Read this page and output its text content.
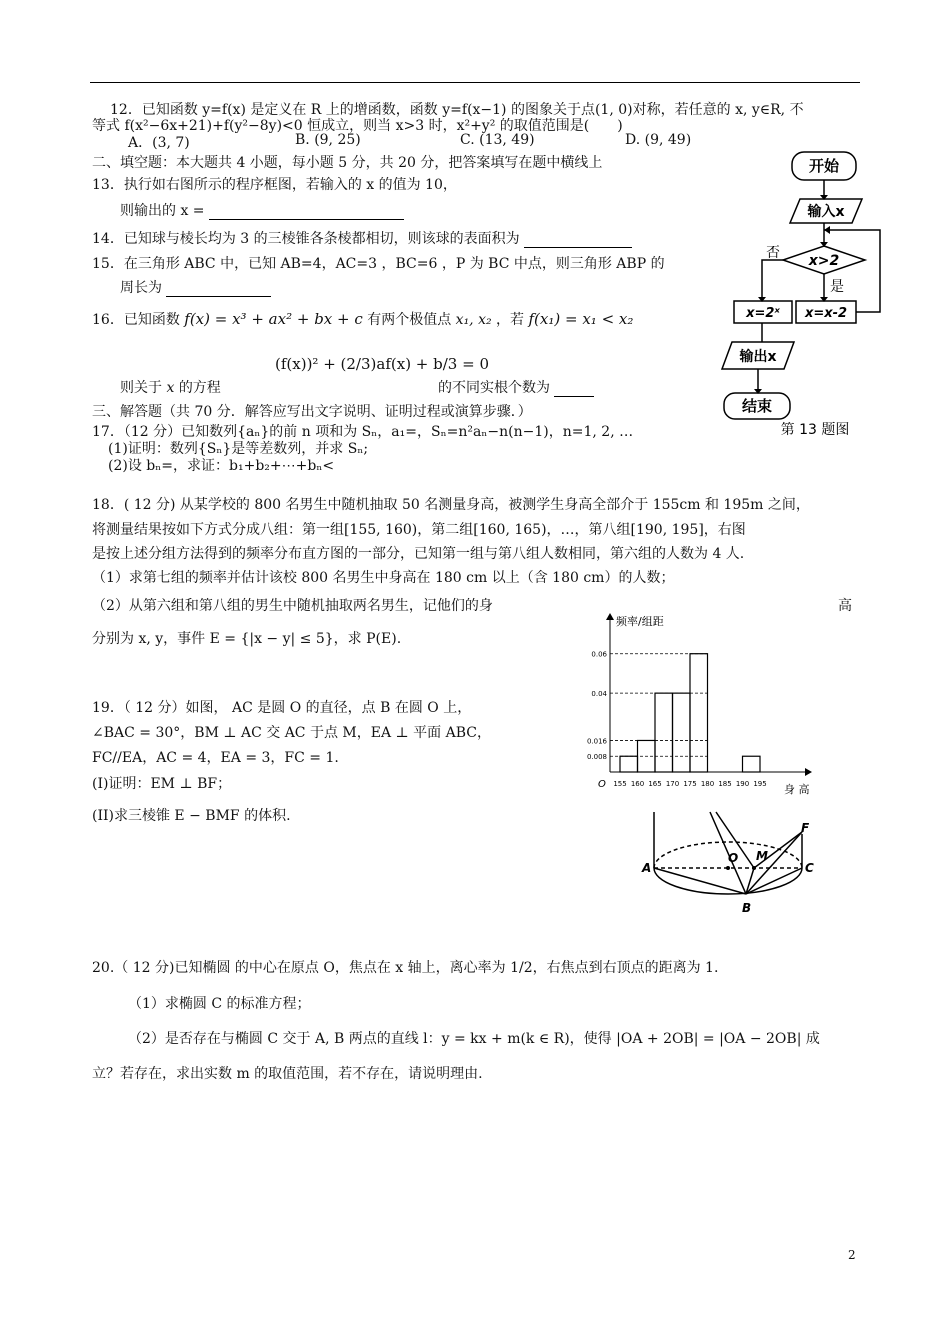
12．已知函数 y=f(x) 是定义在 R 上的增函数，函数 y=f(x−1) 的图象关于点(1, 0)对称，若任意的 x, y∈R, 不
等式 f(x²−6x+21)+f(y²−8y)<0 恒成立，则当 x>3 时，x²+y² 的取值范围是(　　)
A．(3, 7)	B. (9, 25)	C. (13, 49)	D. (9, 49)
二、填空题：本大题共 4 小题，每小题 5 分，共 20 分，把答案填写在题中横线上
13．执行如右图所示的程序框图，若输入的 x 的值为 10，
则输出的 x =
14．已知球与棱长均为 3 的三棱锥各条棱都相切，则该球的表面积为
15．在三角形 ABC 中，已知 AB=4，AC=3 ，BC=6 ，P 为 BC 中点，则三角形 ABP 的
周长为
16．已知函数 f(x) = x³ + ax² + bx + c 有两个极值点 x₁, x₂ ，若 f(x₁) = x₁ < x₂
(f(x))² + (2/3)af(x) + b/3 = 0
则关于 x 的方程	的不同实根个数为
三、解答题（共 70 分．解答应写出文字说明、证明过程或演算步骤．）
17．（12 分）已知数列{aₙ}的前 n 项和为 Sₙ，a₁=，Sₙ=n²aₙ−n(n−1)，n=1, 2, …
(1)证明：数列{Sₙ}是等差数列，并求 Sₙ;
(2)设 bₙ=，求证：b₁+b₂+⋯+bₙ<
开始
输入x
x>2
否
是
x=2ˣ x=x-2
输出x
结束
第 13 题图
18．( 12 分) 从某学校的 800 名男生中随机抽取 50 名测量身高，被测学生身高全部介于 155cm 和 195m 之间，
将测量结果按如下方式分成八组：第一组[155, 160)，第二组[160, 165)，…，第八组[190, 195]，右图
是按上述分组方法得到的频率分布直方图的一部分，已知第一组与第八组人数相同，第六组的人数为 4 人.
（1）求第七组的频率并估计该校 800 名男生中身高在 180 cm 以上（含 180 cm）的人数；
（2）从第六组和第八组的男生中随机抽取两名男生，记他们的身	高
分别为 x, y，事件 E = {|x − y| ≤ 5}，求 P(E).
0.06
0.04
0.016
0.008
155 160 165 170 175 180 185 190 195
频率/组距
身 高
O
19．（ 12 分）如图， AC 是圆 O 的直径，点 B 在圆 O 上，
∠BAC = 30°，BM ⊥ AC 交 AC 于点 M，EA ⊥ 平面 ABC，
FC//EA，AC = 4，EA = 3，FC = 1.
(I)证明：EM ⊥ BF；
(II)求三棱锥 E − BMF 的体积.
A
O M
C
F
B
20.（ 12 分)已知椭圆 的中心在原点 O，焦点在 x 轴上，离心率为 1/2，右焦点到右顶点的距离为 1.
（1）求椭圆 C 的标准方程；
（2）是否存在与椭圆 C 交于 A, B 两点的直线 l：y = kx + m(k ∈ R)，使得 |OA + 2OB| = |OA − 2OB| 成
立？若存在，求出实数 m 的取值范围，若不存在，请说明理由.
2
